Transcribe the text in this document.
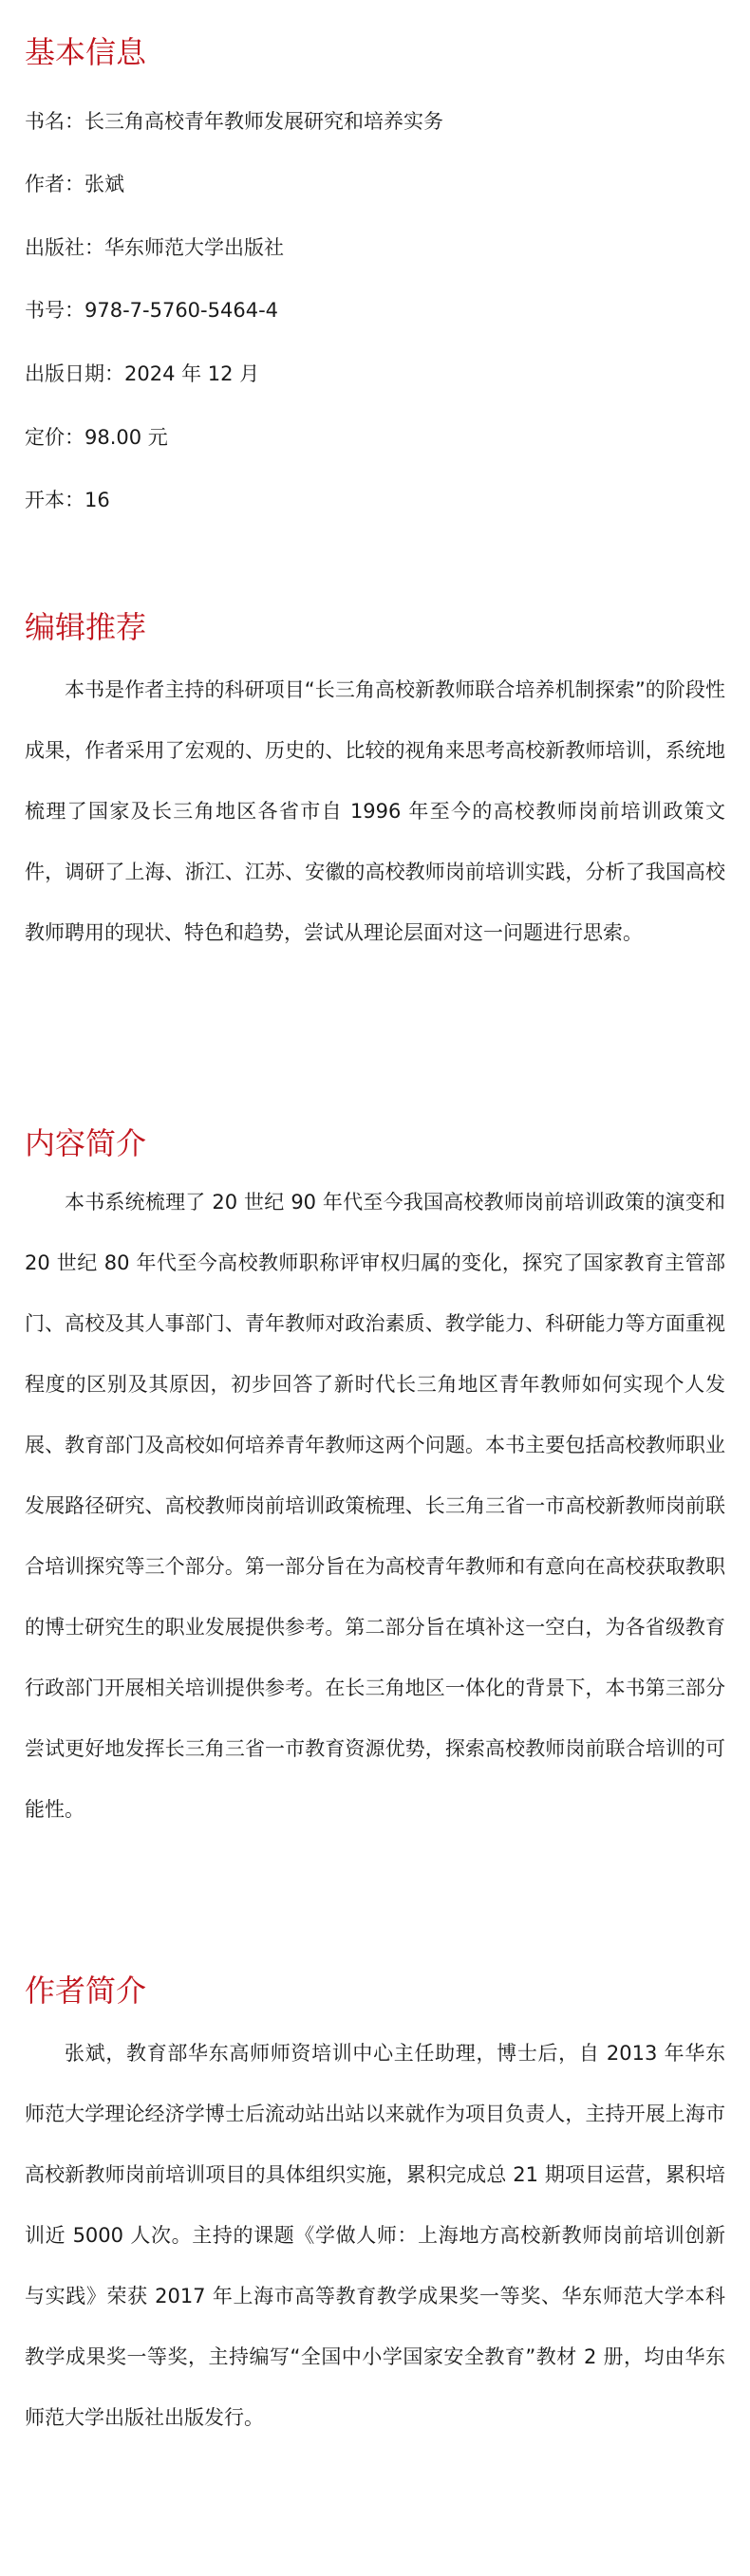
基本信息

书名：长三角高校青年教师发展研究和培养实务

作者：张斌

出版社：华东师范大学出版社

书号：978-7-5760-5464-4

出版日期：2024 年 12 月

定价：98.00 元

开本：16

编辑推荐

本书是作者主持的科研项目“长三角高校新教师联合培养机制探索”的阶段性成果，作者采用了宏观的、历史的、比较的视角来思考高校新教师培训，系统地梳理了国家及长三角地区各省市自 1996 年至今的高校教师岗前培训政策文件，调研了上海、浙江、江苏、安徽的高校教师岗前培训实践，分析了我国高校教师聘用的现状、特色和趋势，尝试从理论层面对这一问题进行思索。

内容简介

本书系统梳理了 20 世纪 90 年代至今我国高校教师岗前培训政策的演变和 20 世纪 80 年代至今高校教师职称评审权归属的变化，探究了国家教育主管部门、高校及其人事部门、青年教师对政治素质、教学能力、科研能力等方面重视程度的区别及其原因，初步回答了新时代长三角地区青年教师如何实现个人发展、教育部门及高校如何培养青年教师这两个问题。本书主要包括高校教师职业发展路径研究、高校教师岗前培训政策梳理、长三角三省一市高校新教师岗前联合培训探究等三个部分。第一部分旨在为高校青年教师和有意向在高校获取教职的博士研究生的职业发展提供参考。第二部分旨在填补这一空白，为各省级教育行政部门开展相关培训提供参考。在长三角地区一体化的背景下，本书第三部分尝试更好地发挥长三角三省一市教育资源优势，探索高校教师岗前联合培训的可能性。

作者简介

张斌，教育部华东高师师资培训中心主任助理，博士后，自 2013 年华东师范大学理论经济学博士后流动站出站以来就作为项目负责人，主持开展上海市高校新教师岗前培训项目的具体组织实施，累积完成总 21 期项目运营，累积培训近 5000 人次。主持的课题《学做人师：上海地方高校新教师岗前培训创新与实践》荣获 2017 年上海市高等教育教学成果奖一等奖、华东师范大学本科教学成果奖一等奖，主持编写“全国中小学国家安全教育”教材 2 册，均由华东师范大学出版社出版发行。
